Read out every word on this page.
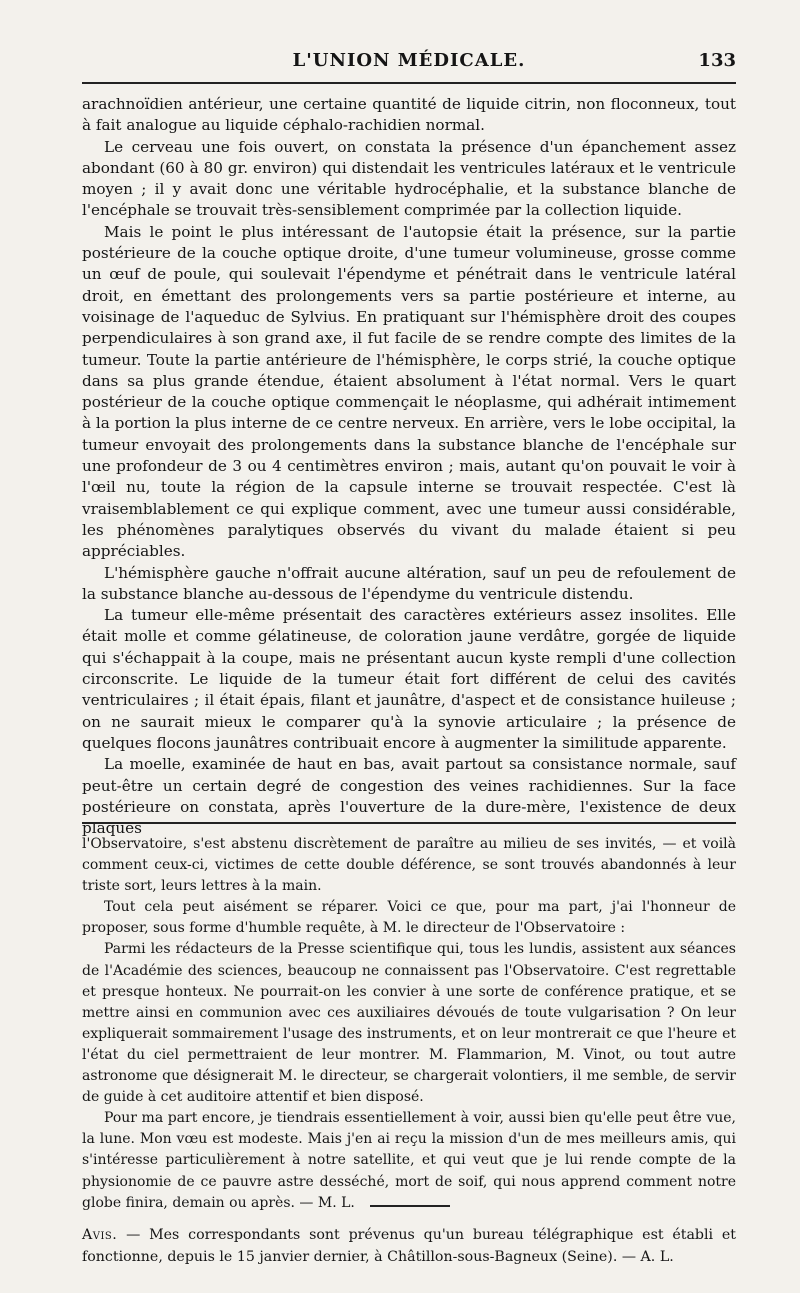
L'UNION MÉDICALE.	133

arachnoïdien antérieur, une certaine quantité de liquide citrin, non floconneux, tout à fait analogue au liquide céphalo-rachidien normal.

Le cerveau une fois ouvert, on constata la présence d'un épanchement assez abondant (60 à 80 gr. environ) qui distendait les ventricules latéraux et le ventricule moyen ; il y avait donc une véritable hydrocéphalie, et la substance blanche de l'encéphale se trouvait très-sensiblement comprimée par la collection liquide.

Mais le point le plus intéressant de l'autopsie était la présence, sur la partie postérieure de la couche optique droite, d'une tumeur volumineuse, grosse comme un œuf de poule, qui soulevait l'épendyme et pénétrait dans le ventricule latéral droit, en émettant des prolongements vers sa partie postérieure et interne, au voisinage de l'aqueduc de Sylvius. En pratiquant sur l'hémisphère droit des coupes perpendiculaires à son grand axe, il fut facile de se rendre compte des limites de la tumeur. Toute la partie antérieure de l'hémisphère, le corps strié, la couche optique dans sa plus grande étendue, étaient absolument à l'état normal. Vers le quart postérieur de la couche optique commençait le néoplasme, qui adhérait intimement à la portion la plus interne de ce centre nerveux. En arrière, vers le lobe occipital, la tumeur envoyait des prolongements dans la substance blanche de l'encéphale sur une profondeur de 3 ou 4 centimètres environ ; mais, autant qu'on pouvait le voir à l'œil nu, toute la région de la capsule interne se trouvait respectée. C'est là vraisemblablement ce qui explique comment, avec une tumeur aussi considérable, les phénomènes paralytiques observés du vivant du malade étaient si peu appréciables.

L'hémisphère gauche n'offrait aucune altération, sauf un peu de refoulement de la substance blanche au-dessous de l'épendyme du ventricule distendu.

La tumeur elle-même présentait des caractères extérieurs assez insolites. Elle était molle et comme gélatineuse, de coloration jaune verdâtre, gorgée de liquide qui s'échappait à la coupe, mais ne présentant aucun kyste rempli d'une collection circonscrite. Le liquide de la tumeur était fort différent de celui des cavités ventriculaires ; il était épais, filant et jaunâtre, d'aspect et de consistance huileuse ; on ne saurait mieux le comparer qu'à la synovie articulaire ; la présence de quelques flocons jaunâtres contribuait encore à augmenter la similitude apparente.

La moelle, examinée de haut en bas, avait partout sa consistance normale, sauf peut-être un certain degré de congestion des veines rachidiennes. Sur la face postérieure on constata, après l'ouverture de la dure-mère, l'existence de deux plaques

l'Observatoire, s'est abstenu discrètement de paraître au milieu de ses invités, — et voilà comment ceux-ci, victimes de cette double déférence, se sont trouvés abandonnés à leur triste sort, leurs lettres à la main.

Tout cela peut aisément se réparer. Voici ce que, pour ma part, j'ai l'honneur de proposer, sous forme d'humble requête, à M. le directeur de l'Observatoire :

Parmi les rédacteurs de la Presse scientifique qui, tous les lundis, assistent aux séances de l'Académie des sciences, beaucoup ne connaissent pas l'Observatoire. C'est regrettable et presque honteux. Ne pourrait-on les convier à une sorte de conférence pratique, et se mettre ainsi en communion avec ces auxiliaires dévoués de toute vulgarisation ? On leur expliquerait sommairement l'usage des instruments, et on leur montrerait ce que l'heure et l'état du ciel permettraient de leur montrer. M. Flammarion, M. Vinot, ou tout autre astronome que désignerait M. le directeur, se chargerait volontiers, il me semble, de servir de guide à cet auditoire attentif et bien disposé.

Pour ma part encore, je tiendrais essentiellement à voir, aussi bien qu'elle peut être vue, la lune. Mon vœu est modeste. Mais j'en ai reçu la mission d'un de mes meilleurs amis, qui s'intéresse particulièrement à notre satellite, et qui veut que je lui rende compte de la physionomie de ce pauvre astre desséché, mort de soif, qui nous apprend comment notre globe finira, demain ou après. — M. L.

Avis. — Mes correspondants sont prévenus qu'un bureau télégraphique est établi et fonctionne, depuis le 15 janvier dernier, à Châtillon-sous-Bagneux (Seine). — A. L.
